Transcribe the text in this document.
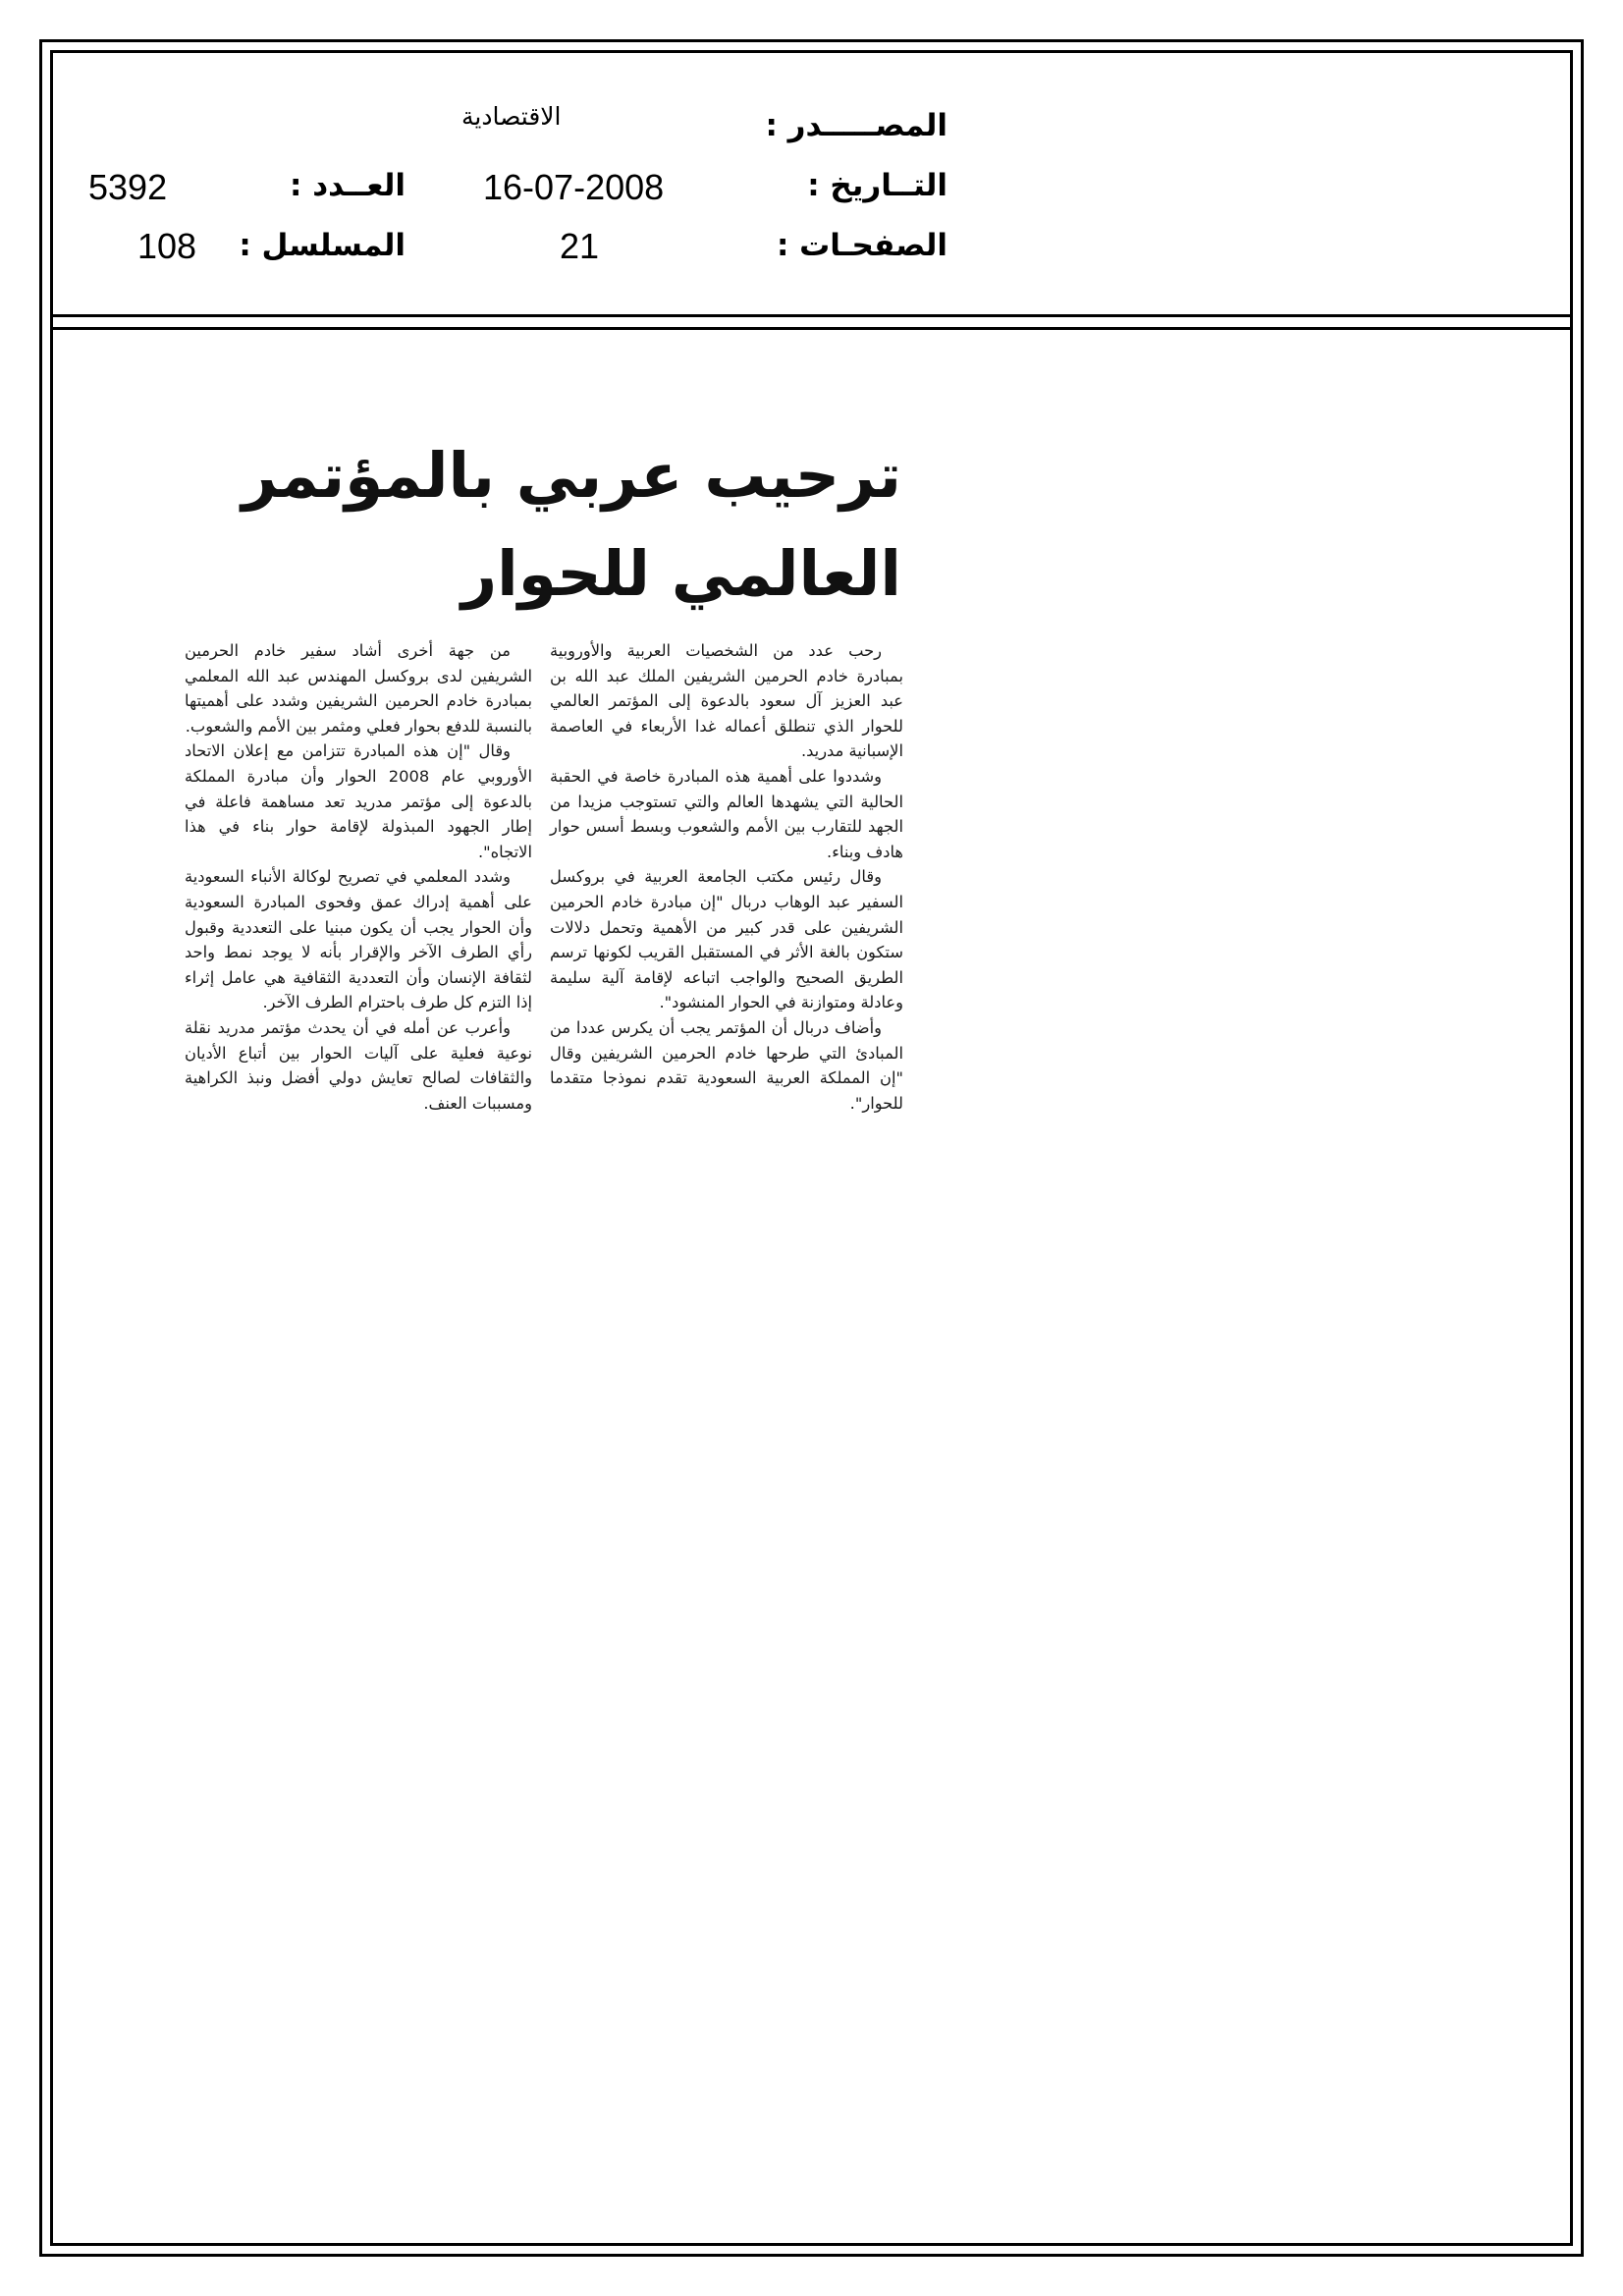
المصـــــدر :
الاقتصادية
التــاريخ :
16-07-2008
العــدد :
5392
الصفحـات :
21
المسلسل :
108
ترحيب عربي بالمؤتمر
العالمي للحوار

رحب عدد من الشخصيات العربية والأوروبية بمبادرة خادم الحرمين الشريفين الملك عبد الله بن عبد العزيز آل سعود بالدعوة إلى المؤتمر العالمي للحوار الذي تنطلق أعماله غدا الأربعاء في العاصمة الإسبانية مدريد.

وشددوا على أهمية هذه المبادرة خاصة في الحقبة الحالية التي يشهدها العالم والتي تستوجب مزيدا من الجهد للتقارب بين الأمم والشعوب وبسط أسس حوار هادف وبناء.

وقال رئيس مكتب الجامعة العربية في بروكسل السفير عبد الوهاب دربال "إن مبادرة خادم الحرمين الشريفين على قدر كبير من الأهمية وتحمل دلالات ستكون بالغة الأثر في المستقبل القريب لكونها ترسم الطريق الصحيح والواجب اتباعه لإقامة آلية سليمة وعادلة ومتوازنة في الحوار المنشود".

وأضاف دربال أن المؤتمر يجب أن يكرس عددا من المبادئ التي طرحها خادم الحرمين الشريفين وقال "إن المملكة العربية السعودية تقدم نموذجا متقدما للحوار".

من جهة أخرى أشاد سفير خادم الحرمين الشريفين لدى بروكسل المهندس عبد الله المعلمي بمبادرة خادم الحرمين الشريفين وشدد على أهميتها بالنسبة للدفع بحوار فعلي ومثمر بين الأمم والشعوب.

وقال "إن هذه المبادرة تتزامن مع إعلان الاتحاد الأوروبي عام 2008 الحوار وأن مبادرة المملكة بالدعوة إلى مؤتمر مدريد تعد مساهمة فاعلة في إطار الجهود المبذولة لإقامة حوار بناء في هذا الاتجاه".

وشدد المعلمي في تصريح لوكالة الأنباء السعودية على أهمية إدراك عمق وفحوى المبادرة السعودية وأن الحوار يجب أن يكون مبنيا على التعددية وقبول رأي الطرف الآخر والإقرار بأنه لا يوجد نمط واحد لثقافة الإنسان وأن التعددية الثقافية هي عامل إثراء إذا التزم كل طرف باحترام الطرف الآخر.

وأعرب عن أمله في أن يحدث مؤتمر مدريد نقلة نوعية فعلية على آليات الحوار بين أتباع الأديان والثقافات لصالح تعايش دولي أفضل ونبذ الكراهية ومسببات العنف.
